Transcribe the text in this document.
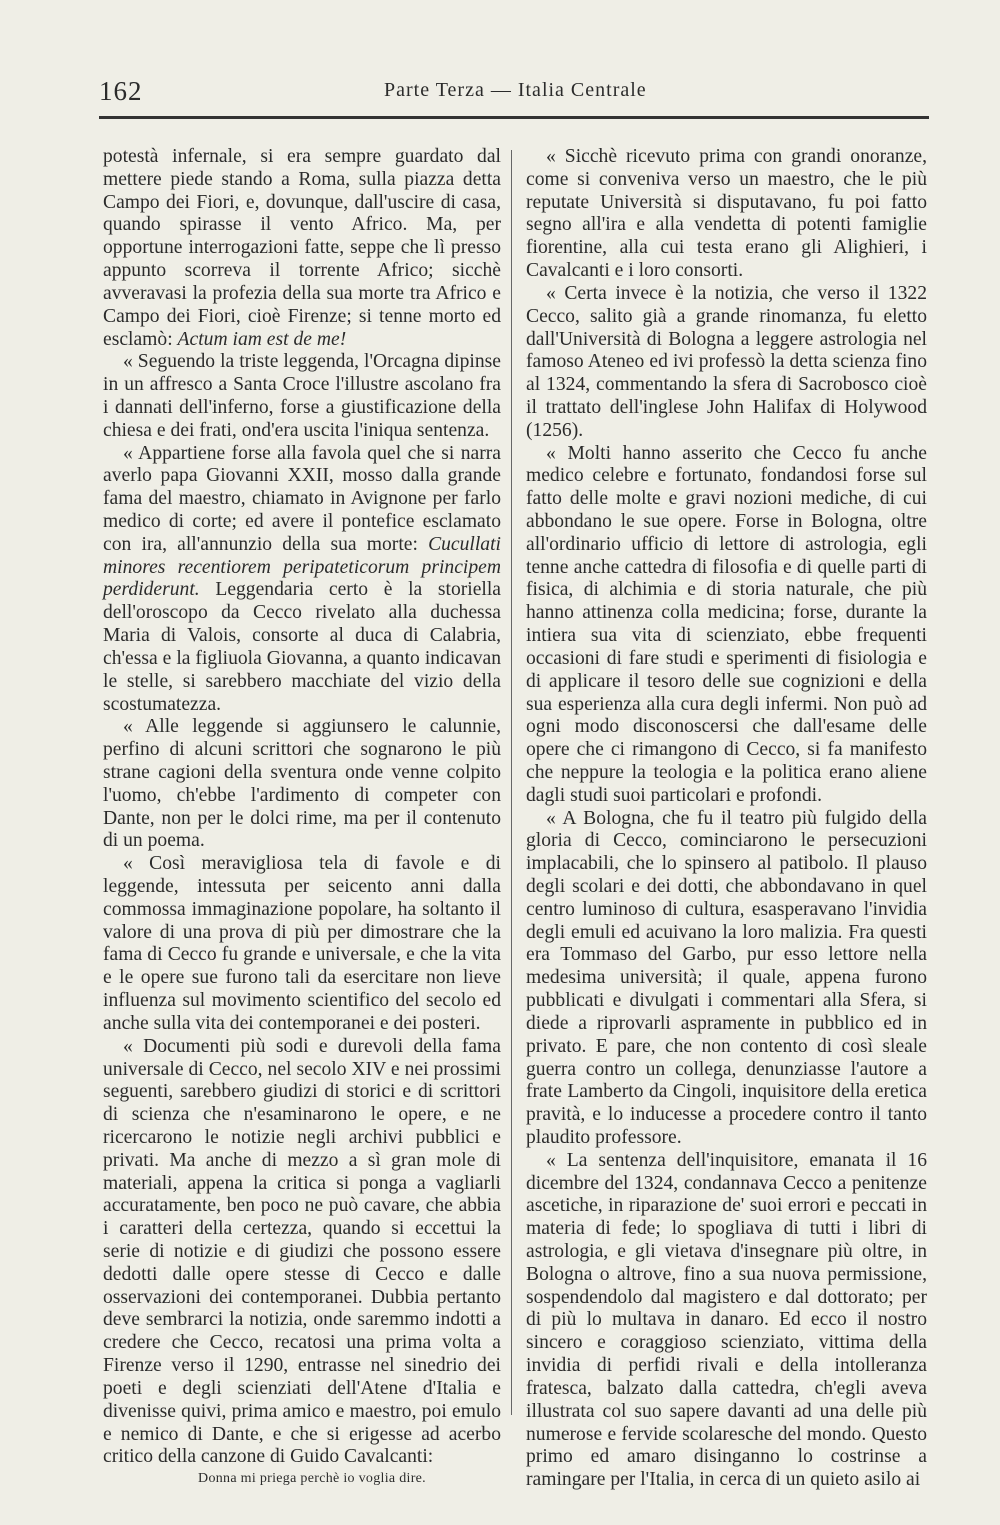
162	Parte Terza — Italia Centrale

potestà infernale, si era sempre guardato dal mettere piede stando a Roma, sulla piazza detta Campo dei Fiori, e, dovunque, dall'uscire di casa, quando spirasse il vento Africo. Ma, per opportune interrogazioni fatte, seppe che lì presso appunto scorreva il torrente Africo; sicchè avveravasi la profezia della sua morte tra Africo e Campo dei Fiori, cioè Firenze; si tenne morto ed esclamò: Actum iam est de me!

« Seguendo la triste leggenda, l'Orcagna dipinse in un affresco a Santa Croce l'illustre ascolano fra i dannati dell'inferno, forse a giustificazione della chiesa e dei frati, ond'era uscita l'iniqua sentenza.

« Appartiene forse alla favola quel che si narra averlo papa Giovanni XXII, mosso dalla grande fama del maestro, chiamato in Avignone per farlo medico di corte; ed avere il pontefice esclamato con ira, all'annunzio della sua morte: Cucullati minores recentiorem peripateticorum principem perdiderunt. Leggendaria certo è la storiella dell'oroscopo da Cecco rivelato alla duchessa Maria di Valois, consorte al duca di Calabria, ch'essa e la figliuola Giovanna, a quanto indicavan le stelle, si sarebbero macchiate del vizio della scostumatezza.

« Alle leggende si aggiunsero le calunnie, perfino di alcuni scrittori che sognarono le più strane cagioni della sventura onde venne colpito l'uomo, ch'ebbe l'ardimento di competer con Dante, non per le dolci rime, ma per il contenuto di un poema.

« Così meravigliosa tela di favole e di leggende, intessuta per seicento anni dalla commossa immaginazione popolare, ha soltanto il valore di una prova di più per dimostrare che la fama di Cecco fu grande e universale, e che la vita e le opere sue furono tali da esercitare non lieve influenza sul movimento scientifico del secolo ed anche sulla vita dei contemporanei e dei posteri.

« Documenti più sodi e durevoli della fama universale di Cecco, nel secolo XIV e nei prossimi seguenti, sarebbero giudizi di storici e di scrittori di scienza che n'esaminarono le opere, e ne ricercarono le notizie negli archivi pubblici e privati. Ma anche di mezzo a sì gran mole di materiali, appena la critica si ponga a vagliarli accuratamente, ben poco ne può cavare, che abbia i caratteri della certezza, quando si eccettui la serie di notizie e di giudizi che possono essere dedotti dalle opere stesse di Cecco e dalle osservazioni dei contemporanei. Dubbia pertanto deve sembrarci la notizia, onde saremmo indotti a credere che Cecco, recatosi una prima volta a Firenze verso il 1290, entrasse nel sinedrio dei poeti e degli scienziati dell'Atene d'Italia e divenisse quivi, prima amico e maestro, poi emulo e nemico di Dante, e che si erigesse ad acerbo critico della canzone di Guido Cavalcanti:

Donna mi priega perchè io voglia dire.

« Sicchè ricevuto prima con grandi onoranze, come si conveniva verso un maestro, che le più reputate Università si disputavano, fu poi fatto segno all'ira e alla vendetta di potenti famiglie fiorentine, alla cui testa erano gli Alighieri, i Cavalcanti e i loro consorti.

« Certa invece è la notizia, che verso il 1322 Cecco, salito già a grande rinomanza, fu eletto dall'Università di Bologna a leggere astrologia nel famoso Ateneo ed ivi professò la detta scienza fino al 1324, commentando la sfera di Sacrobosco cioè il trattato dell'inglese John Halifax di Holywood (1256).

« Molti hanno asserito che Cecco fu anche medico celebre e fortunato, fondandosi forse sul fatto delle molte e gravi nozioni mediche, di cui abbondano le sue opere. Forse in Bologna, oltre all'ordinario ufficio di lettore di astrologia, egli tenne anche cattedra di filosofia e di quelle parti di fisica, di alchimia e di storia naturale, che più hanno attinenza colla medicina; forse, durante la intiera sua vita di scienziato, ebbe frequenti occasioni di fare studi e sperimenti di fisiologia e di applicare il tesoro delle sue cognizioni e della sua esperienza alla cura degli infermi. Non può ad ogni modo disconoscersi che dall'esame delle opere che ci rimangono di Cecco, si fa manifesto che neppure la teologia e la politica erano aliene dagli studi suoi particolari e profondi.

« A Bologna, che fu il teatro più fulgido della gloria di Cecco, cominciarono le persecuzioni implacabili, che lo spinsero al patibolo. Il plauso degli scolari e dei dotti, che abbondavano in quel centro luminoso di cultura, esasperavano l'invidia degli emuli ed acuivano la loro malizia. Fra questi era Tommaso del Garbo, pur esso lettore nella medesima università; il quale, appena furono pubblicati e divulgati i commentari alla Sfera, si diede a riprovarli aspramente in pubblico ed in privato. E pare, che non contento di così sleale guerra contro un collega, denunziasse l'autore a frate Lamberto da Cingoli, inquisitore della eretica pravità, e lo inducesse a procedere contro il tanto plaudito professore.

« La sentenza dell'inquisitore, emanata il 16 dicembre del 1324, condannava Cecco a penitenze ascetiche, in riparazione de' suoi errori e peccati in materia di fede; lo spogliava di tutti i libri di astrologia, e gli vietava d'insegnare più oltre, in Bologna o altrove, fino a sua nuova permissione, sospendendolo dal magistero e dal dottorato; per di più lo multava in danaro. Ed ecco il nostro sincero e coraggioso scienziato, vittima della invidia di perfidi rivali e della intolleranza fratesca, balzato dalla cattedra, ch'egli aveva illustrata col suo sapere davanti ad una delle più numerose e fervide scolaresche del mondo. Questo primo ed amaro disinganno lo costrinse a ramingare per l'Italia, in cerca di un quieto asilo ai
